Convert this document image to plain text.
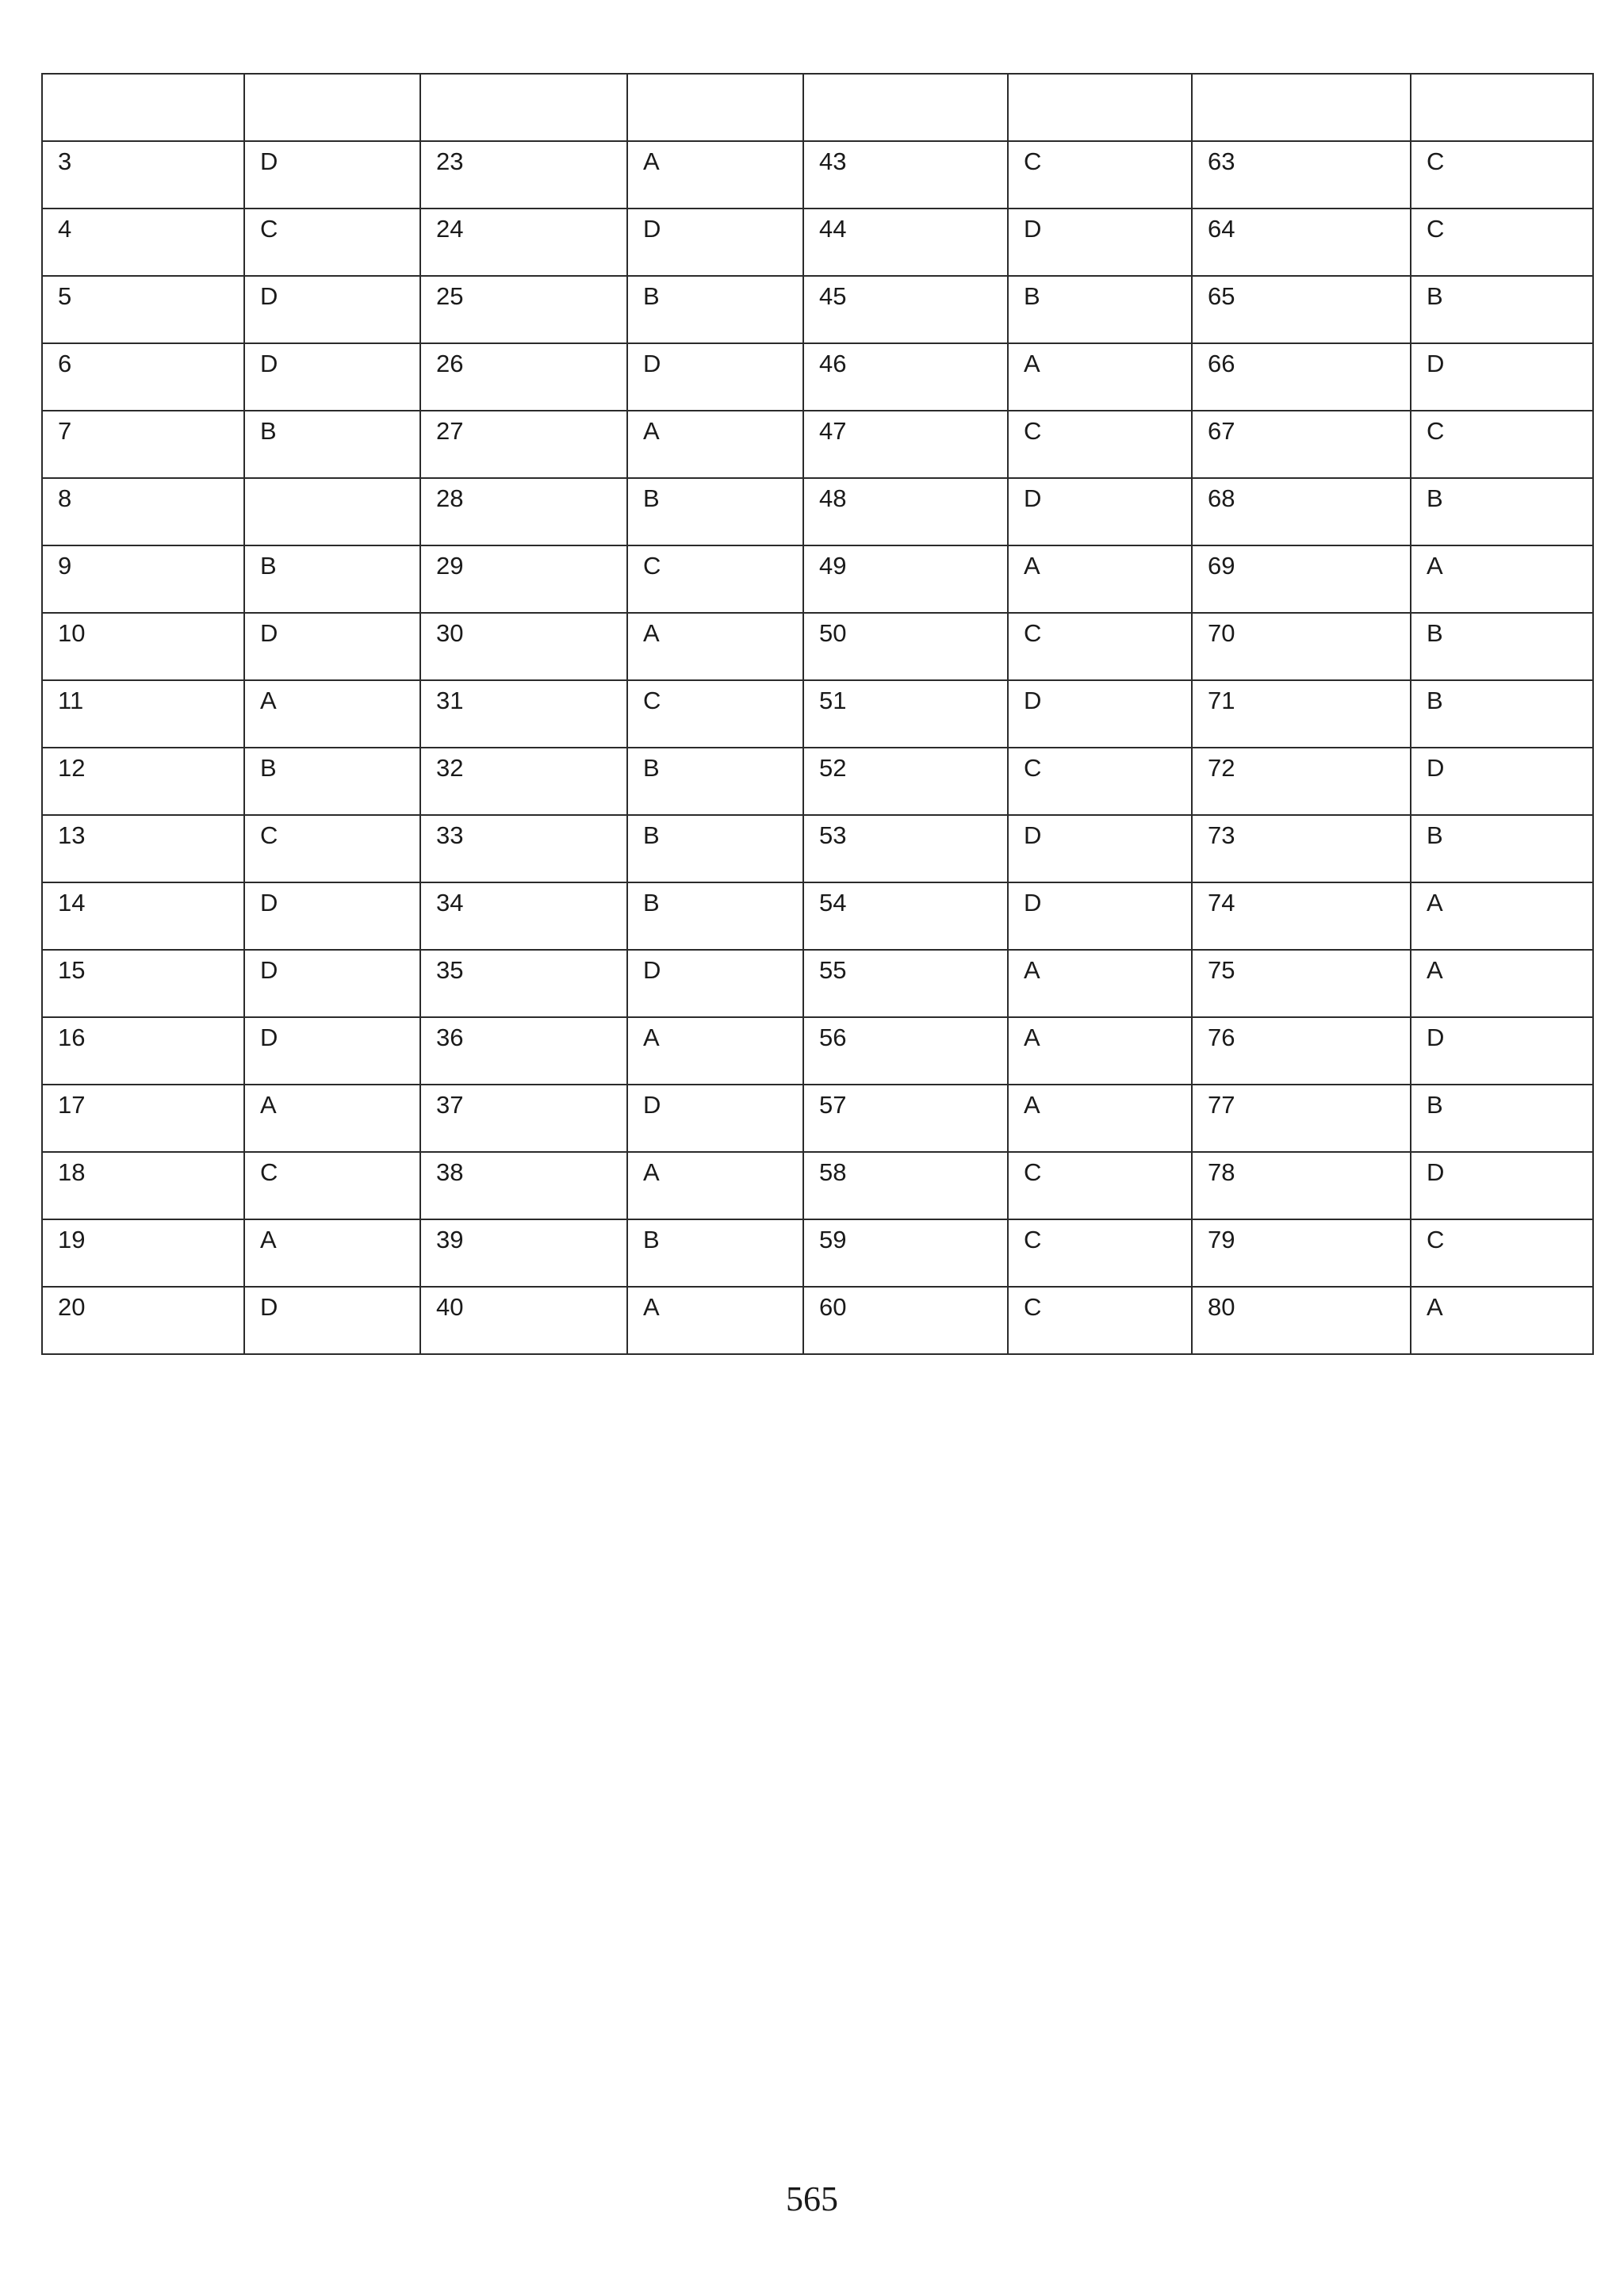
3	D	23	A	43	C	63	C
4	C	24	D	44	D	64	C
5	D	25	B	45	B	65	B
6	D	26	D	46	A	66	D
7	B	27	A	47	C	67	C
8		28	B	48	D	68	B
9	B	29	C	49	A	69	A
10	D	30	A	50	C	70	B
11	A	31	C	51	D	71	B
12	B	32	B	52	C	72	D
13	C	33	B	53	D	73	B
14	D	34	B	54	D	74	A
15	D	35	D	55	A	75	A
16	D	36	A	56	A	76	D
17	A	37	D	57	A	77	B
18	C	38	A	58	C	78	D
19	A	39	B	59	C	79	C
20	D	40	A	60	C	80	A
565
